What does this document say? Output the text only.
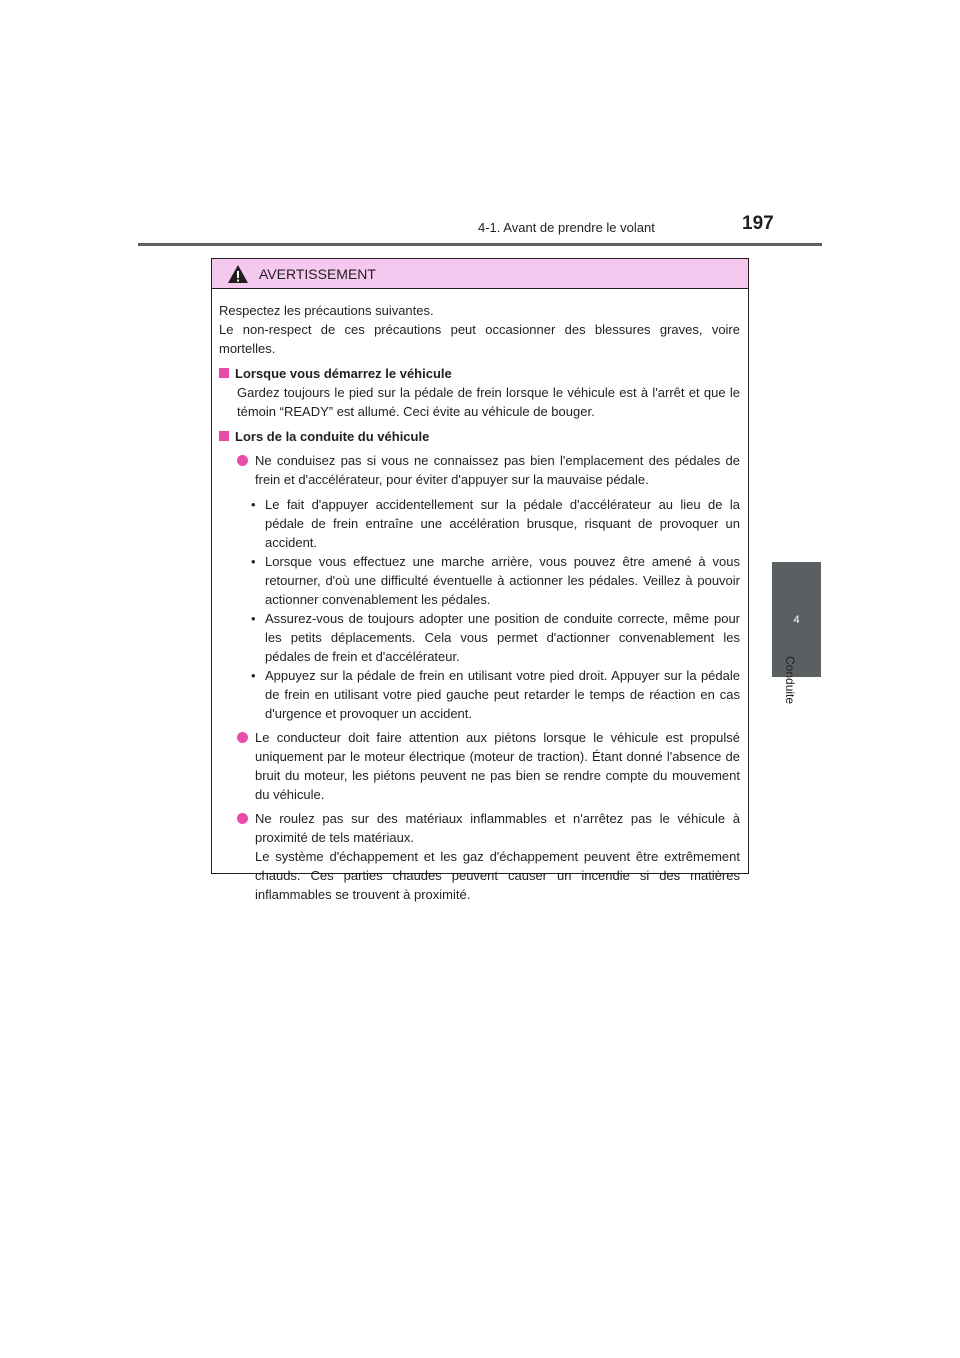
4-1. Avant de prendre le volant	197
4
Conduite
AVERTISSEMENT

Respectez les précautions suivantes.
Le non-respect de ces précautions peut occasionner des blessures graves, voire mortelles.

Lorsque vous démarrez le véhicule

Gardez toujours le pied sur la pédale de frein lorsque le véhicule est à l'arrêt et que le témoin “READY” est allumé. Ceci évite au véhicule de bouger.

Lors de la conduite du véhicule
Ne conduisez pas si vous ne connaissez pas bien l'emplacement des pédales de frein et d'accélérateur, pour éviter d'appuyer sur la mauvaise pédale.
• Le fait d'appuyer accidentellement sur la pédale d'accélérateur au lieu de la pédale de frein entraîne une accélération brusque, risquant de provoquer un accident.
• Lorsque vous effectuez une marche arrière, vous pouvez être amené à vous retourner, d'où une difficulté éventuelle à actionner les pédales. Veillez à pouvoir actionner convenablement les pédales.
• Assurez-vous de toujours adopter une position de conduite correcte, même pour les petits déplacements. Cela vous permet d'actionner convenablement les pédales de frein et d'accélérateur.
• Appuyez sur la pédale de frein en utilisant votre pied droit. Appuyer sur la pédale de frein en utilisant votre pied gauche peut retarder le temps de réaction en cas d'urgence et provoquer un accident.
Le conducteur doit faire attention aux piétons lorsque le véhicule est propulsé uniquement par le moteur électrique (moteur de traction). Étant donné l'absence de bruit du moteur, les piétons peuvent ne pas bien se rendre compte du mouvement du véhicule.
Ne roulez pas sur des matériaux inflammables et n'arrêtez pas le véhicule à proximité de tels matériaux.
Le système d'échappement et les gaz d'échappement peuvent être extrêmement chauds. Ces parties chaudes peuvent causer un incendie si des matières inflammables se trouvent à proximité.
